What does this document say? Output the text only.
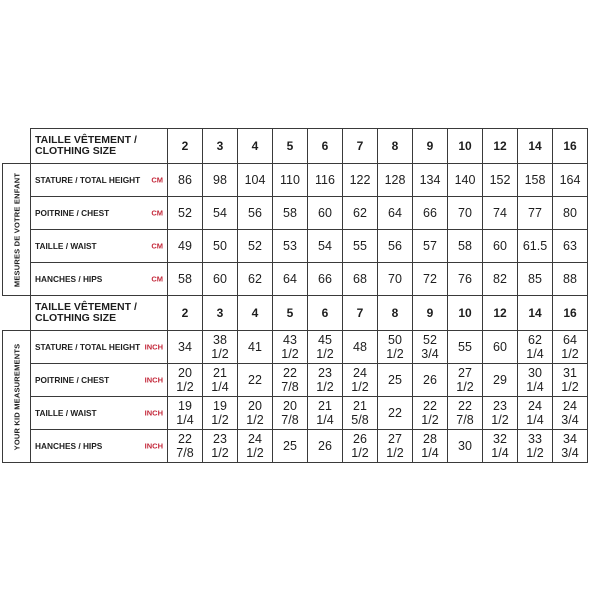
	TAILLE VÊTEMENT / CLOTHING SIZE	2	3	4	5	6	7	8	9	10	12	14	16

MESURES DE VOTRE ENFANT	STATURE / TOTAL HEIGHT CM	86	98	104	110	116	122	128	134	140	152	158	164
	POITRINE / CHEST CM	52	54	56	58	60	62	64	66	70	74	77	80
	TAILLE / WAIST CM	49	50	52	53	54	55	56	57	58	60	61.5	63
	HANCHES / HIPS CM	58	60	62	64	66	68	70	72	76	82	85	88
	TAILLE VÊTEMENT / CLOTHING SIZE	2	3	4	5	6	7	8	9	10	12	14	16

YOUR KID MEASUREMENTS	STATURE / TOTAL HEIGHT INCH	34	38 1/2	41	43 1/2	45 1/2	48	50 1/2	52 3/4	55	60	62 1/4	64 1/2
	POITRINE / CHEST INCH	20 1/2	21 1/4	22	22 7/8	23 1/2	24 1/2	25	26	27 1/2	29	30 1/4	31 1/2
	TAILLE / WAIST INCH	19 1/4	19 1/2	20 1/2	20 7/8	21 1/4	21 5/8	22	22 1/2	22 7/8	23 1/2	24 1/4	24 3/4
	HANCHES / HIPS INCH	22 7/8	23 1/2	24 1/2	25	26	26 1/2	27 1/2	28 1/4	30	32 1/4	33 1/2	34 3/4
